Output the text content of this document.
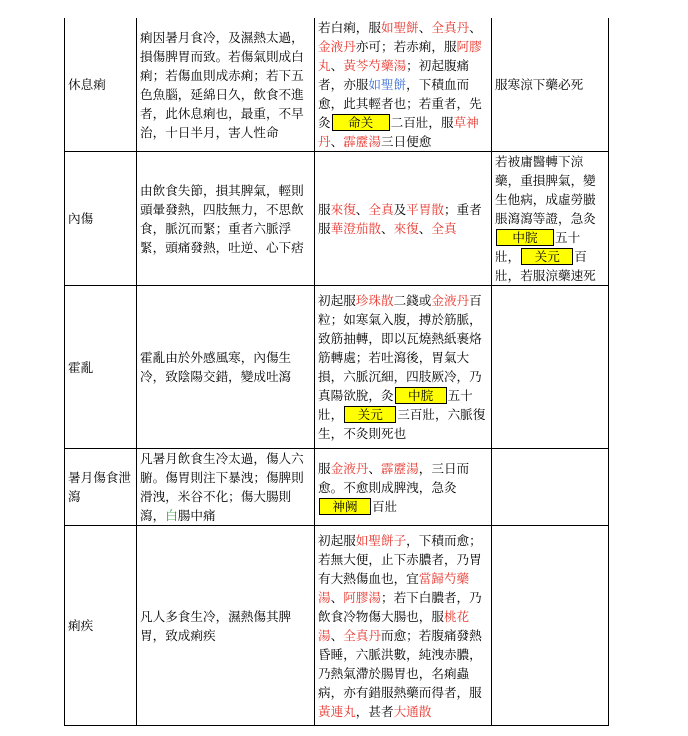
休息痢	痢因暑月食冷，及濕熱太過，損傷脾胃而致。若傷氣則成白痢；若傷血則成赤痢；若下五色魚腦，延綿日久，飲食不進者，此休息痢也，最重，不早治，十日半月，害人性命	若白痢，服如聖餅、全真丹、金液丹亦可；若赤痢，服阿膠丸、黃芩芍藥湯；初起腹痛者，亦服如聖餅，下積血而愈，此其輕者也；若重者，先灸 命关 二百壯，服草神丹、霹靂湯三日便愈	服寒涼下藥必死
內傷	由飲食失節，損其脾氣，輕則頭暈發熱，四肢無力，不思飲食，脈沉而緊；重者六脈浮緊，頭痛發熱，吐逆、心下痞	服來復、全真及平胃散；重者服華澄茄散、來復、全真	若被庸醫轉下涼藥，重損脾氣，變生他病，成虛勞臌脹瀉瀉等證，急灸中脘 五十壯， 关元 百壯，若服涼藥速死
霍亂	霍亂由於外感風寒，內傷生冷，致陰陽交錯，變成吐瀉	初起服珍珠散二錢或金液丹百粒；如寒氣入腹，搏於筋脈，致筋抽轉，即以瓦燒熱紙裹烙筋轉處；若吐瀉後，胃氣大損，六脈沉細，四肢厥冷，乃真陽欲脫，灸 中脘 五十壯， 关元 三百壯，六脈復生，不灸則死也	
暑月傷食泄瀉	凡暑月飲食生冷太過，傷人六腑。傷胃則注下暴洩；傷脾則滑洩，米谷不化；傷大腸則瀉，白腸中痛	服金液丹、霹靂湯，三日而愈。不愈則成脾洩，急灸神阙 百壯	
痢疾	凡人多食生冷，濕熱傷其脾胃，致成痢疾	初起服如聖餅子，下積而愈；若無大便，止下赤膿者，乃胃有大熱傷血也，宜當歸芍藥湯、阿膠湯；若下白膿者，乃飲食冷物傷大腸也，服桃花湯、全真丹而愈；若腹痛發熱昏睡，六脈洪數，純洩赤膿，乃熱氣滯於腸胃也，名痢蟲病，亦有錯服熱藥而得者，服黃連丸，甚者大通散	
